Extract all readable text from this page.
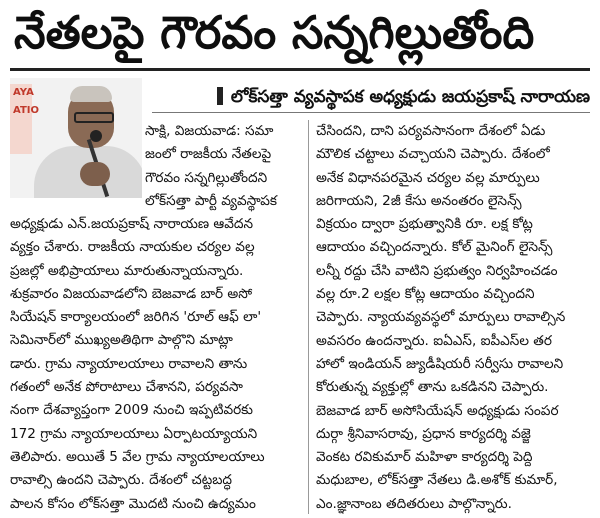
నేతలపై గౌరవం సన్నగిల్లుతోంది
AYA ATIO
లోక్‌సత్తా వ్యవస్థాపక అధ్యక్షుడు జయప్రకాష్ నారాయణ
సాక్షి, విజయవాడ: సమా
జంలో రాజకీయ నేతలపై
గౌరవం సన్నగిల్లుతోందని
లోక్‌సత్తా పార్టీ వ్యవస్థాపక
అధ్యక్షుడు ఎన్.జయప్రకాష్ నారాయణ ఆవేదన
వ్యక్తం చేశారు. రాజకీయ నాయకుల చర్యల వల్ల
ప్రజల్లో అభిప్రాయాలు మారుతున్నాయన్నారు.
శుక్రవారం విజయవాడలోని బెజవాడ బార్ అసో
సియేషన్ కార్యాలయంలో జరిగిన 'రూల్ ఆఫ్ లా'
సెమినార్‌లో ముఖ్యఅతిథిగా పాల్గొని మాట్లా
డారు. గ్రామ న్యాయాలయాలు రావాలని తాను
గతంలో అనేక పోరాటాలు చేశానని, పర్యవసా
నంగా దేశవ్యాప్తంగా 2009 నుంచి ఇప్పటివరకు
172 గ్రామ న్యాయాలయాలు ఏర్పాటయ్యాయని
తెలిపారు. అయితే 5 వేల గ్రామ న్యాయాలయాలు
రావాల్సి ఉందని చెప్పారు. దేశంలో చట్టబద్ధ
పాలన కోసం లోక్‌సత్తా మొదటి నుంచి ఉద్యమం
చేసిందని, దాని పర్యవసానంగా దేశంలో ఏడు
మౌలిక చట్టాలు వచ్చాయని చెప్పారు. దేశంలో
అనేక విధానపరమైన చర్యల వల్ల మార్పులు
జరిగాయని, 2జీ కేసు అనంతరం లైసెన్స్
విక్రయం ద్వారా ప్రభుత్వానికి రూ. లక్ష కోట్ల
ఆదాయం వచ్చిందన్నారు. కోల్ మైనింగ్ లైసెన్స్
లన్నీ రద్దు చేసి వాటిని ప్రభుత్వం నిర్వహించడం
వల్ల రూ.2 లక్షల కోట్ల ఆదాయం వచ్చిందని
చెప్పారు. న్యాయవ్యవస్థలో మార్పులు రావాల్సిన
అవసరం ఉందన్నారు. ఐఏఎస్, ఐపీఎస్‌ల తర
హాలో ఇండియన్ జ్యుడీషియరీ సర్వీసు రావాలని
కోరుతున్న వ్యక్తుల్లో తాను ఒకడినని చెప్పారు.
బెజవాడ బార్ అసోసియేషన్ అధ్యక్షుడు సంపర
దుర్గా శ్రీనివాసరావు, ప్రధాన కార్యదర్శి వజ్జె
వెంకట రవికుమార్ మహిళా కార్యదర్శి పెద్ది
మధుబాల, లోక్‌సత్తా నేతలు డి.అశోక్ కుమార్,
ఎం.జ్ఞానాంబ తదితరులు పాల్గొన్నారు.
